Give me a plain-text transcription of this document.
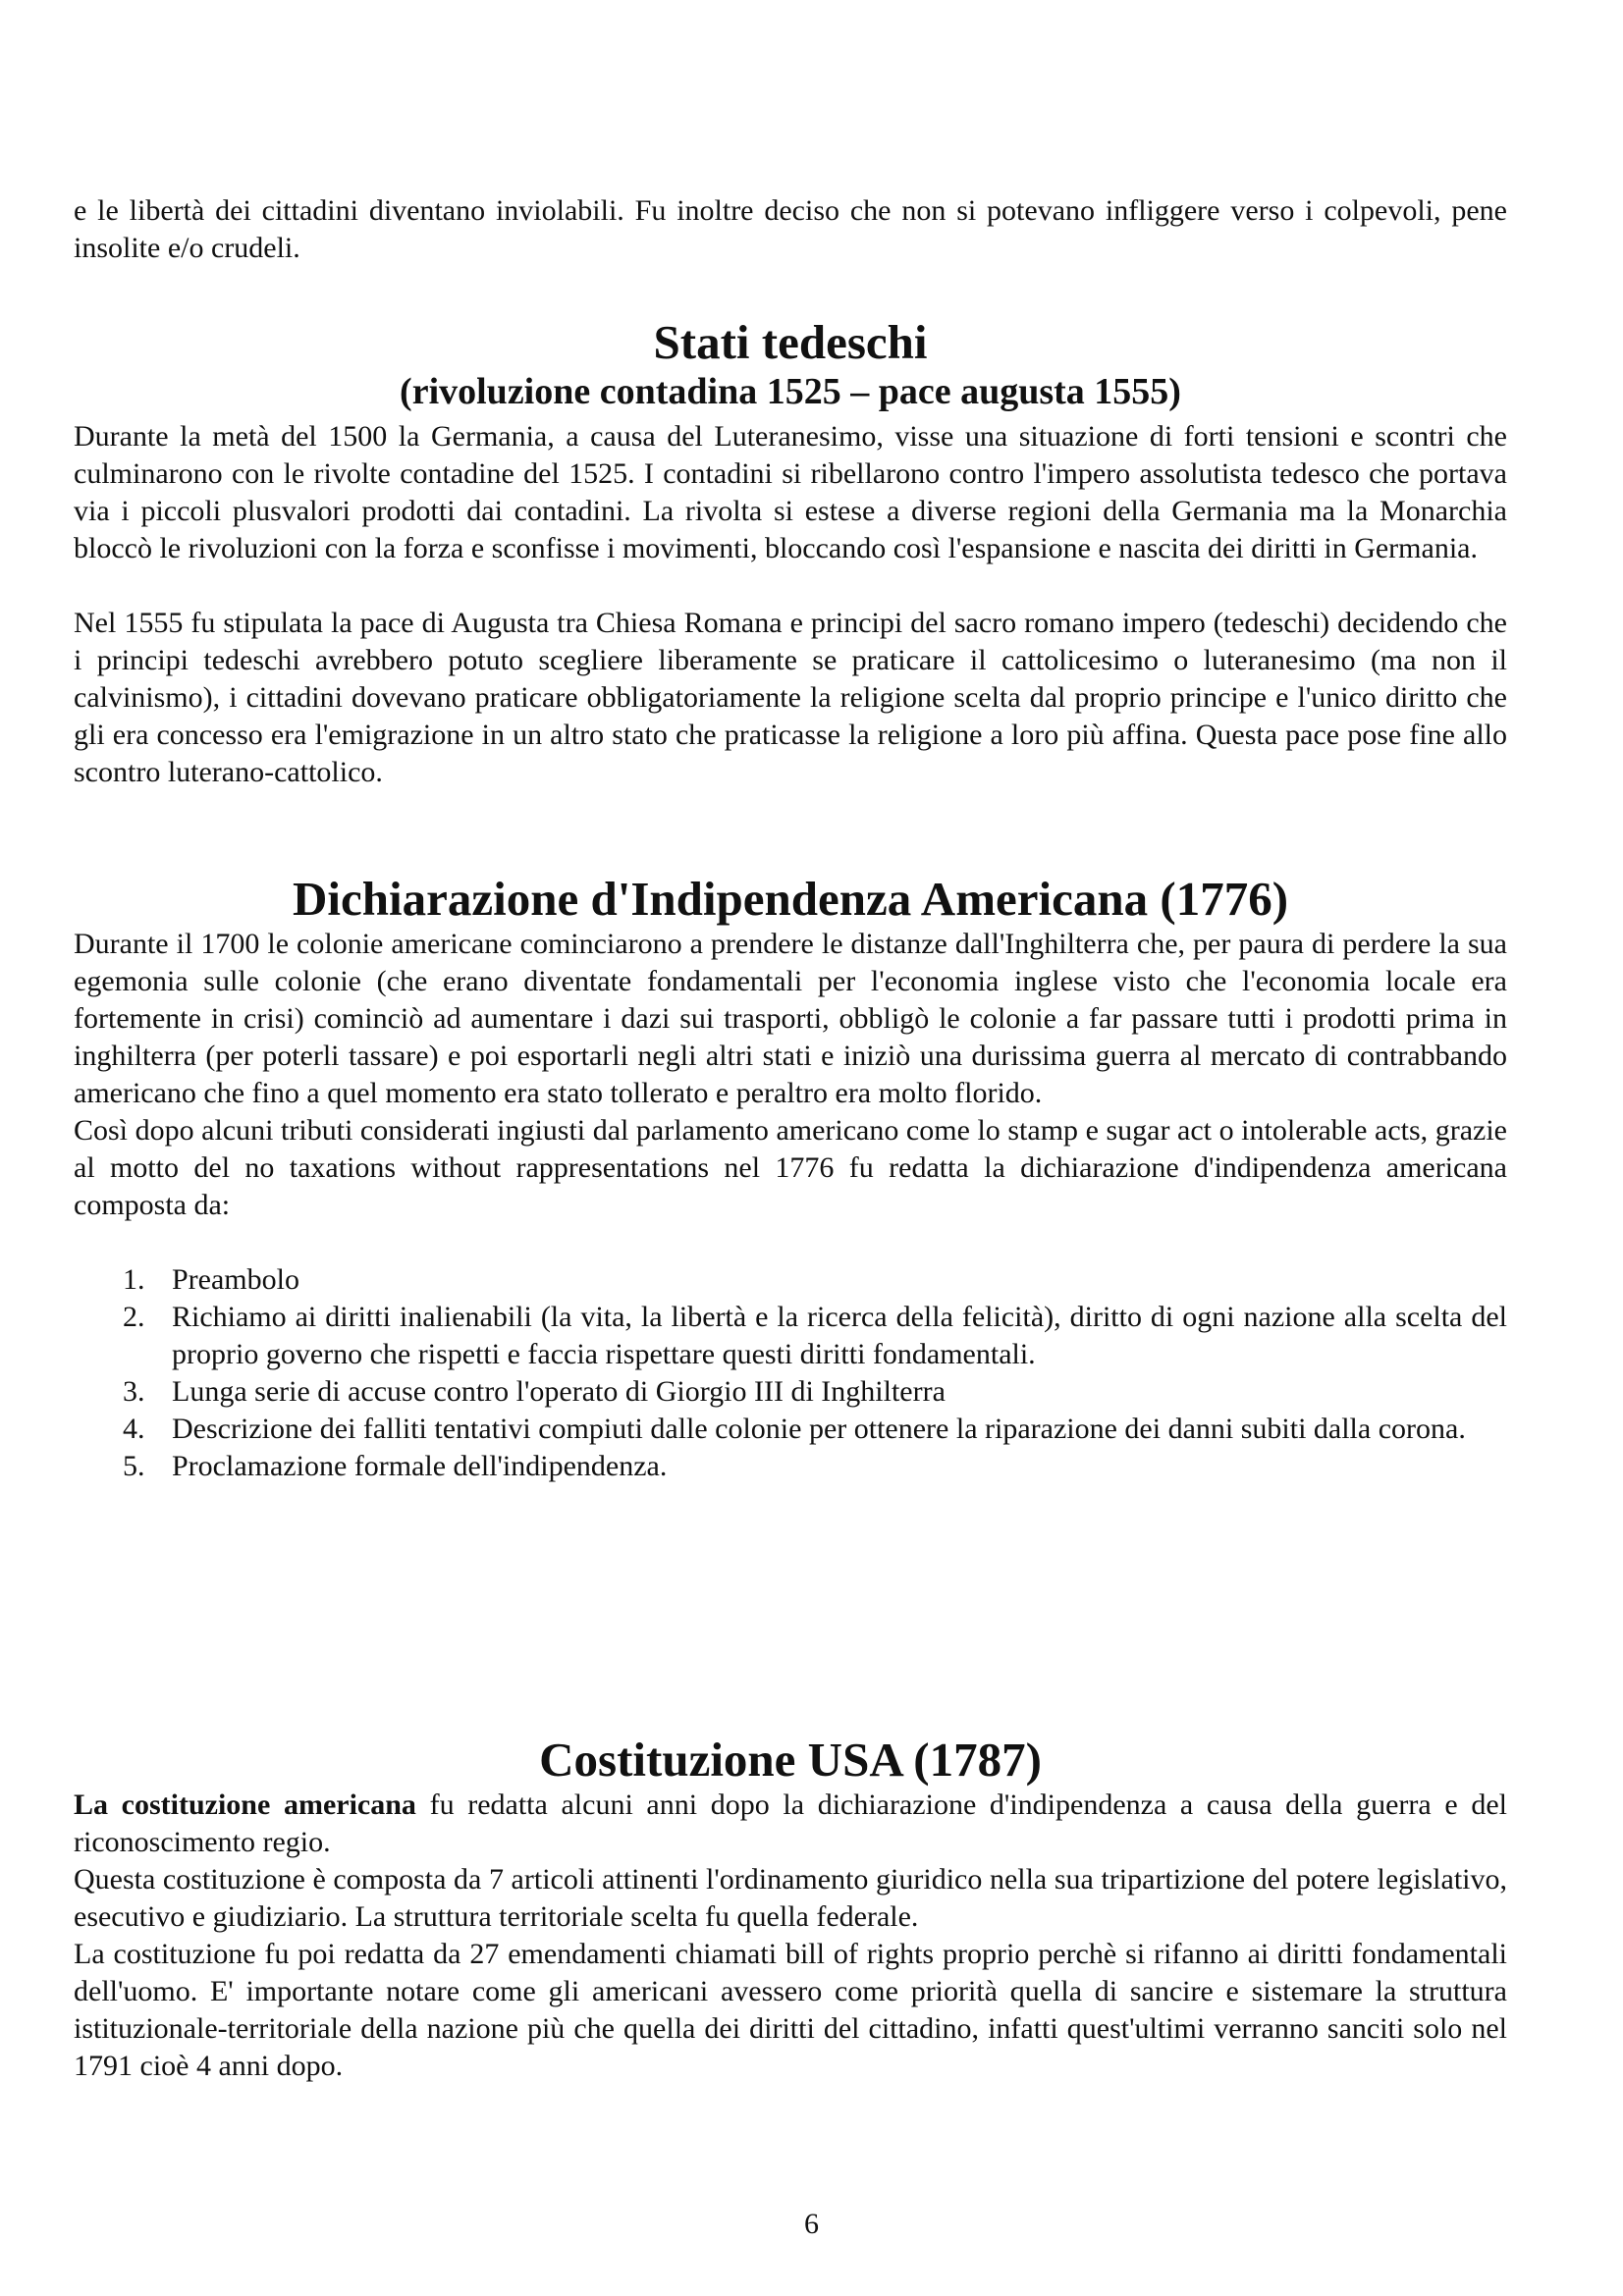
e le libertà dei cittadini diventano inviolabili. Fu inoltre deciso che non si potevano infliggere verso i colpevoli, pene insolite e/o crudeli.

Stati tedeschi
(rivoluzione contadina 1525 – pace augusta 1555)

Durante la metà del 1500 la Germania, a causa del Luteranesimo, visse una situazione di forti tensioni e scontri che culminarono con le rivolte contadine del 1525. I contadini si ribellarono contro l'impero assolutista tedesco che portava via i piccoli plusvalori prodotti dai contadini. La rivolta si estese a diverse regioni della Germania ma la Monarchia bloccò le rivoluzioni con la forza e sconfisse i movimenti, bloccando così l'espansione e nascita dei diritti in Germania.

Nel 1555 fu stipulata la pace di Augusta tra Chiesa Romana e principi del sacro romano impero (tedeschi) decidendo che i principi tedeschi avrebbero potuto scegliere liberamente se praticare il cattolicesimo o luteranesimo (ma non il calvinismo), i cittadini dovevano praticare obbligatoriamente la religione scelta dal proprio principe e l'unico diritto che gli era concesso era l'emigrazione in un altro stato che praticasse la religione a loro più affina. Questa pace pose fine allo scontro luterano-cattolico.

Dichiarazione d'Indipendenza Americana (1776)

Durante il 1700 le colonie americane cominciarono a prendere le distanze dall'Inghilterra che, per paura di perdere la sua egemonia sulle colonie (che erano diventate fondamentali per l'economia inglese visto che l'economia locale era fortemente in crisi) cominciò ad aumentare i dazi sui trasporti, obbligò le colonie a far passare tutti i prodotti prima in inghilterra (per poterli tassare) e poi esportarli negli altri stati e iniziò una durissima guerra al mercato di contrabbando americano che fino a quel momento era stato tollerato e peraltro era molto florido.

Così dopo alcuni tributi considerati ingiusti dal parlamento americano come lo stamp e sugar act o intolerable acts, grazie al motto del no taxations without rappresentations nel 1776 fu redatta la dichiarazione d'indipendenza americana composta da:

1. Preambolo
2. Richiamo ai diritti inalienabili (la vita, la libertà e la ricerca della felicità), diritto di ogni nazione alla scelta del proprio governo che rispetti e faccia rispettare questi diritti fondamentali.
3. Lunga serie di accuse contro l'operato di Giorgio III di Inghilterra
4. Descrizione dei falliti tentativi compiuti dalle colonie per ottenere la riparazione dei danni subiti dalla corona.
5. Proclamazione formale dell'indipendenza.
Costituzione USA (1787)

La costituzione americana fu redatta alcuni anni dopo la dichiarazione d'indipendenza a causa della guerra e del riconoscimento regio.

Questa costituzione è composta da 7 articoli attinenti l'ordinamento giuridico nella sua tripartizione del potere legislativo, esecutivo e giudiziario. La struttura territoriale scelta fu quella federale.

La costituzione fu poi redatta da 27 emendamenti chiamati bill of rights proprio perchè si rifanno ai diritti fondamentali dell'uomo. E' importante notare come gli americani avessero come priorità quella di sancire e sistemare la struttura istituzionale-territoriale della nazione più che quella dei diritti del cittadino, infatti quest'ultimi verranno sanciti solo nel 1791 cioè 4 anni dopo.

6
